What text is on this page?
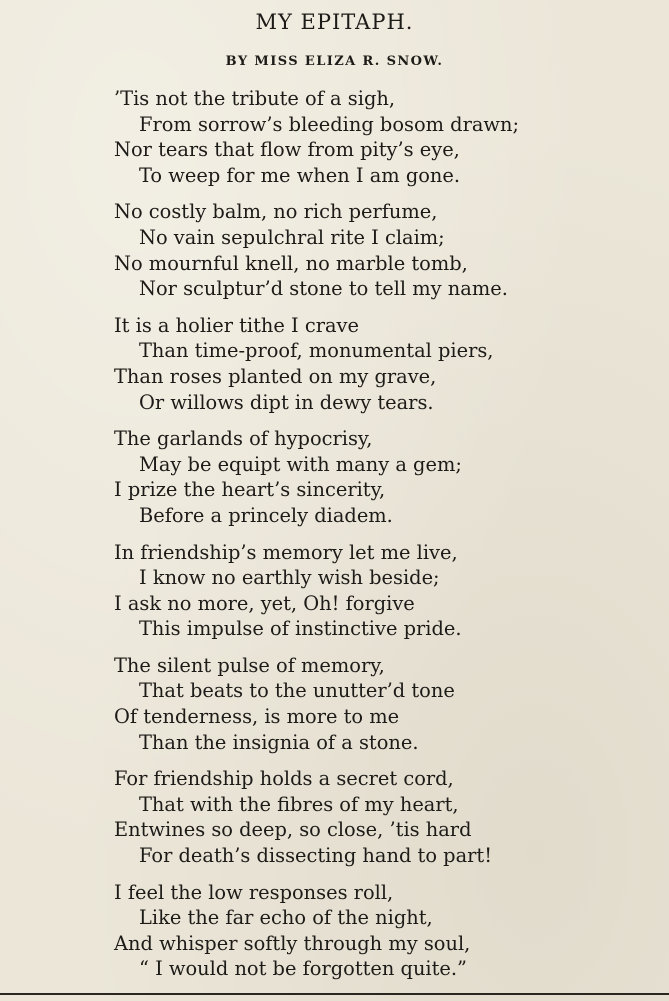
MY EPITAPH.

BY MISS ELIZA R. SNOW.

’Tis not the tribute of a sigh,
From sorrow’s bleeding bosom drawn;
Nor tears that flow from pity’s eye,
To weep for me when I am gone.
No costly balm, no rich perfume,
No vain sepulchral rite I claim;
No mournful knell, no marble tomb,
Nor sculptur’d stone to tell my name.
It is a holier tithe I crave
Than time-proof, monumental piers,
Than roses planted on my grave,
Or willows dipt in dewy tears.
The garlands of hypocrisy,
May be equipt with many a gem;
I prize the heart’s sincerity,
Before a princely diadem.
In friendship’s memory let me live,
I know no earthly wish beside;
I ask no more, yet, Oh! forgive
This impulse of instinctive pride.
The silent pulse of memory,
That beats to the unutter’d tone
Of tenderness, is more to me
Than the insignia of a stone.
For friendship holds a secret cord,
That with the fibres of my heart,
Entwines so deep, so close, ’tis hard
For death’s dissecting hand to part!
I feel the low responses roll,
Like the far echo of the night,
And whisper softly through my soul,
“ I would not be forgotten quite.”
